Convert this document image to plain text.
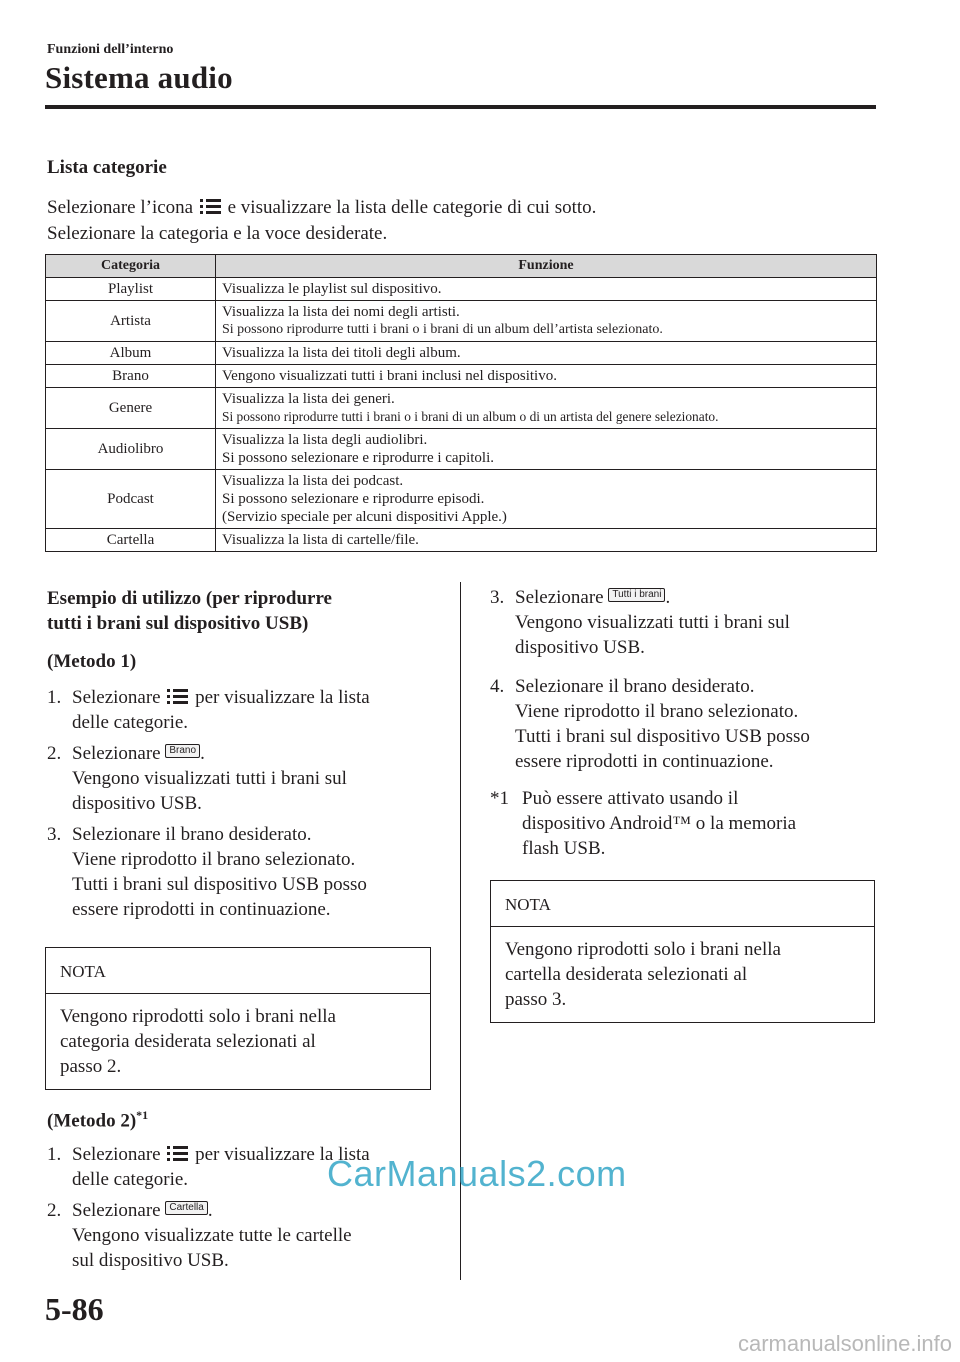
Funzioni dell’interno
Sistema audio
Lista categorie
Selezionare l’icona e visualizzare la lista delle categorie di cui sotto.
Selezionare la categoria e la voce desiderate.
Categoria	Funzione
Playlist	Visualizza le playlist sul dispositivo.

Artista	Visualizza la lista dei nomi degli artisti.
Si possono riprodurre tutti i brani o i brani di un album dell’artista selezionato.

Album	Visualizza la lista dei titoli degli album.

Brano	Vengono visualizzati tutti i brani inclusi nel dispositivo.

Genere	Visualizza la lista dei generi.
Si possono riprodurre tutti i brani o i brani di un album o di un artista del genere selezionato.

Audiolibro	Visualizza la lista degli audiolibri.
Si possono selezionare e riprodurre i capitoli.

Podcast	Visualizza la lista dei podcast.
Si possono selezionare e riprodurre episodi.
(Servizio speciale per alcuni dispositivi Apple.)

Cartella	Visualizza la lista di cartelle/file.
Esempio di utilizzo (per riprodurre
tutti i brani sul dispositivo USB)
(Metodo 1)
1. Selezionare per visualizzare la lista
delle categorie.
2. Selezionare Brano .
Vengono visualizzati tutti i brani sul
dispositivo USB.
3. Selezionare il brano desiderato.
Viene riprodotto il brano selezionato.
Tutti i brani sul dispositivo USB posso
essere riprodotti in continuazione.
NOTA
Vengono riprodotti solo i brani nella
categoria desiderata selezionati al
passo 2.
(Metodo 2)$^{*1}$
1. Selezionare per visualizzare la lista
delle categorie.
2. Selezionare Cartella .
Vengono visualizzate tutte le cartelle
sul dispositivo USB.
3. Selezionare Tutti i brani .
Vengono visualizzati tutti i brani sul
dispositivo USB.
4. Selezionare il brano desiderato.
Viene riprodotto il brano selezionato.
Tutti i brani sul dispositivo USB posso
essere riprodotti in continuazione.
*1 Può essere attivato usando il
dispositivo Android™ o la memoria
flash USB.
NOTA
Vengono riprodotti solo i brani nella
cartella desiderata selezionati al
passo 3.
CarManuals2.com
5-86
carmanualsonline.info
